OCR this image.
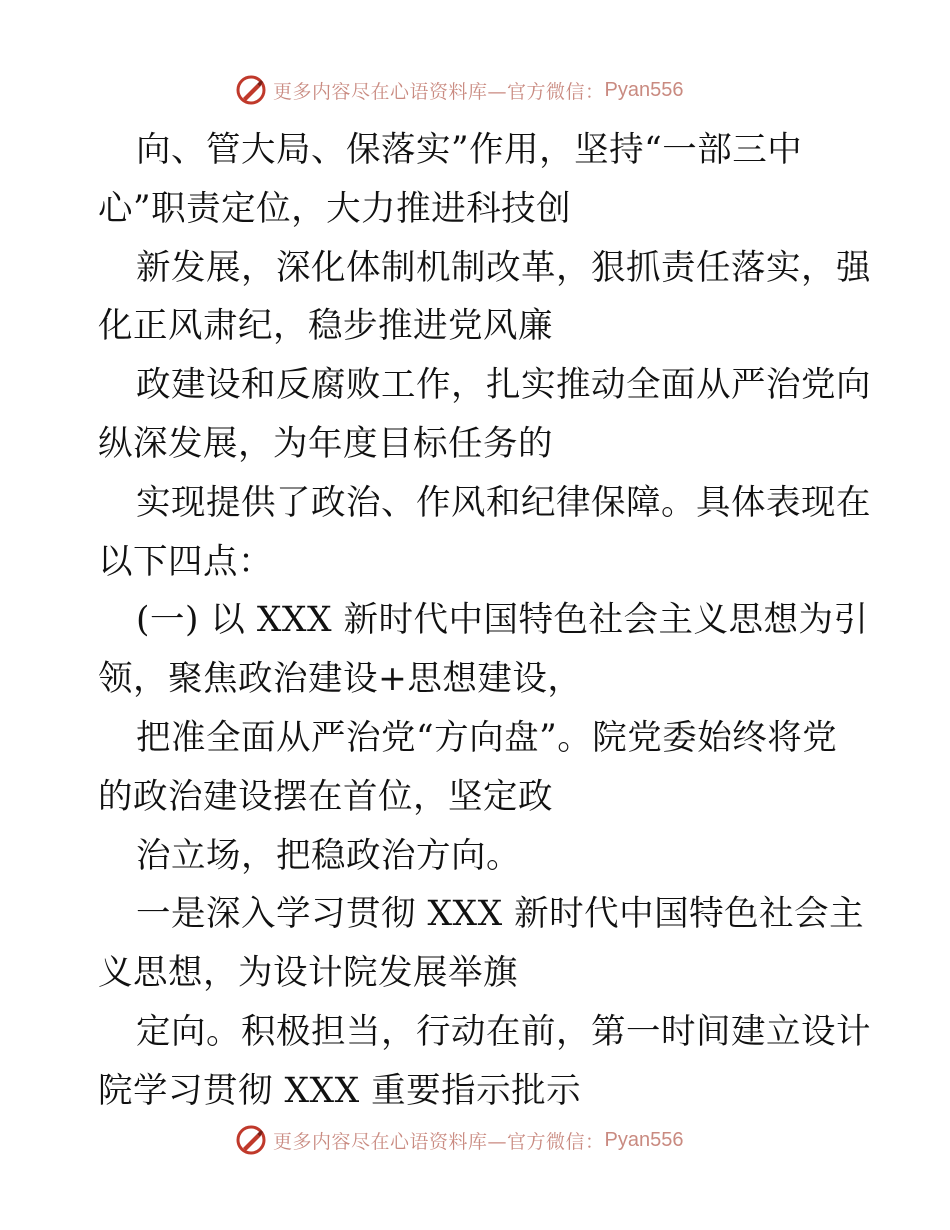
更多内容尽在心语资料库—官方微信： Pyan556
向、管大局、保落实”作用，坚持“一部三中
心”职责定位，大力推进科技创
新发展，深化体制机制改革，狠抓责任落实，强
化正风肃纪，稳步推进党风廉
政建设和反腐败工作，扎实推动全面从严治党向
纵深发展，为年度目标任务的
实现提供了政治、作风和纪律保障。具体表现在
以下四点：
(一) 以 XXX 新时代中国特色社会主义思想为引
领，聚焦政治建设+思想建设，
把准全面从严治党“方向盘”。院党委始终将党
的政治建设摆在首位，坚定政
治立场，把稳政治方向。
一是深入学习贯彻 XXX 新时代中国特色社会主
义思想，为设计院发展举旗
定向。积极担当，行动在前，第一时间建立设计
院学习贯彻 XXX 重要指示批示
更多内容尽在心语资料库—官方微信： Pyan556
